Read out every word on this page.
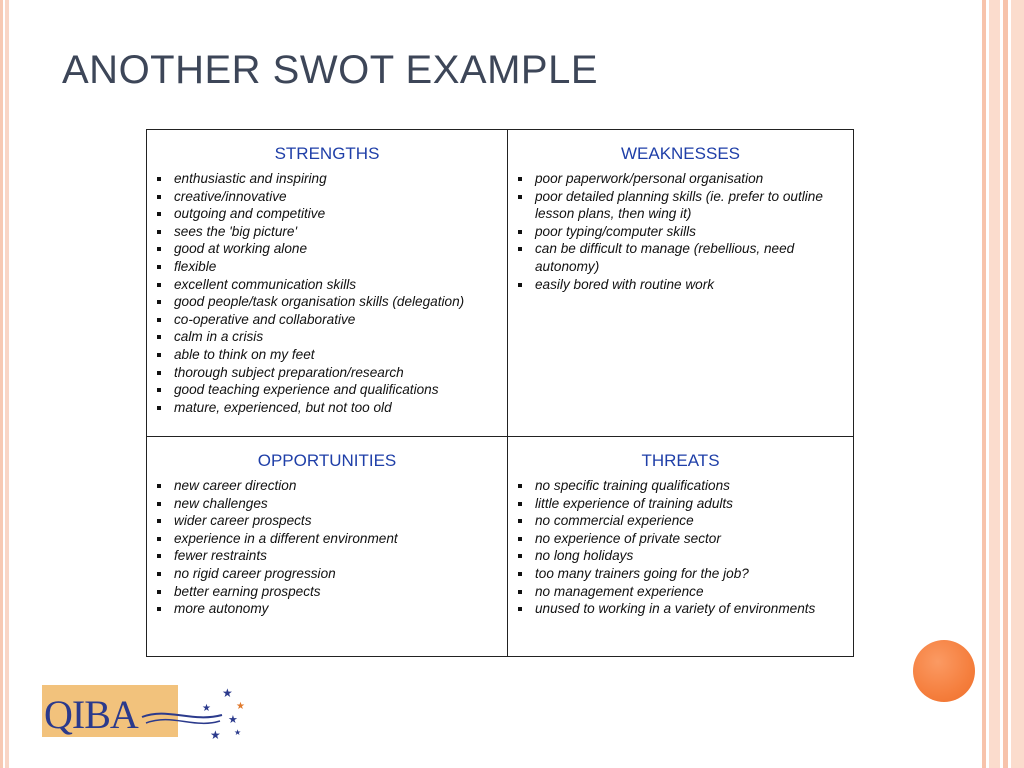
ANOTHER SWOT EXAMPLE
STRENGTHS
enthusiastic and inspiring
creative/innovative
outgoing and competitive
sees the 'big picture'
good at working alone
flexible
excellent communication skills
good people/task organisation skills (delegation)
co-operative and collaborative
calm in a crisis
able to think on my feet
thorough subject preparation/research
good teaching experience and qualifications
mature, experienced, but not too old
WEAKNESSES
poor paperwork/personal organisation
poor detailed planning skills (ie. prefer to outline lesson plans, then wing it)
poor typing/computer skills
can be difficult to manage (rebellious, need autonomy)
easily bored with routine work
OPPORTUNITIES
new career direction
new challenges
wider career prospects
experience in a different environment
fewer restraints
no rigid career progression
better earning prospects
more autonomy
THREATS
no specific training qualifications
little experience of training adults
no commercial experience
no experience of private sector
no long holidays
too many trainers going for the job?
no management experience
unused to working in a variety of environments
QIBA	★
★
★
★
★ ★
